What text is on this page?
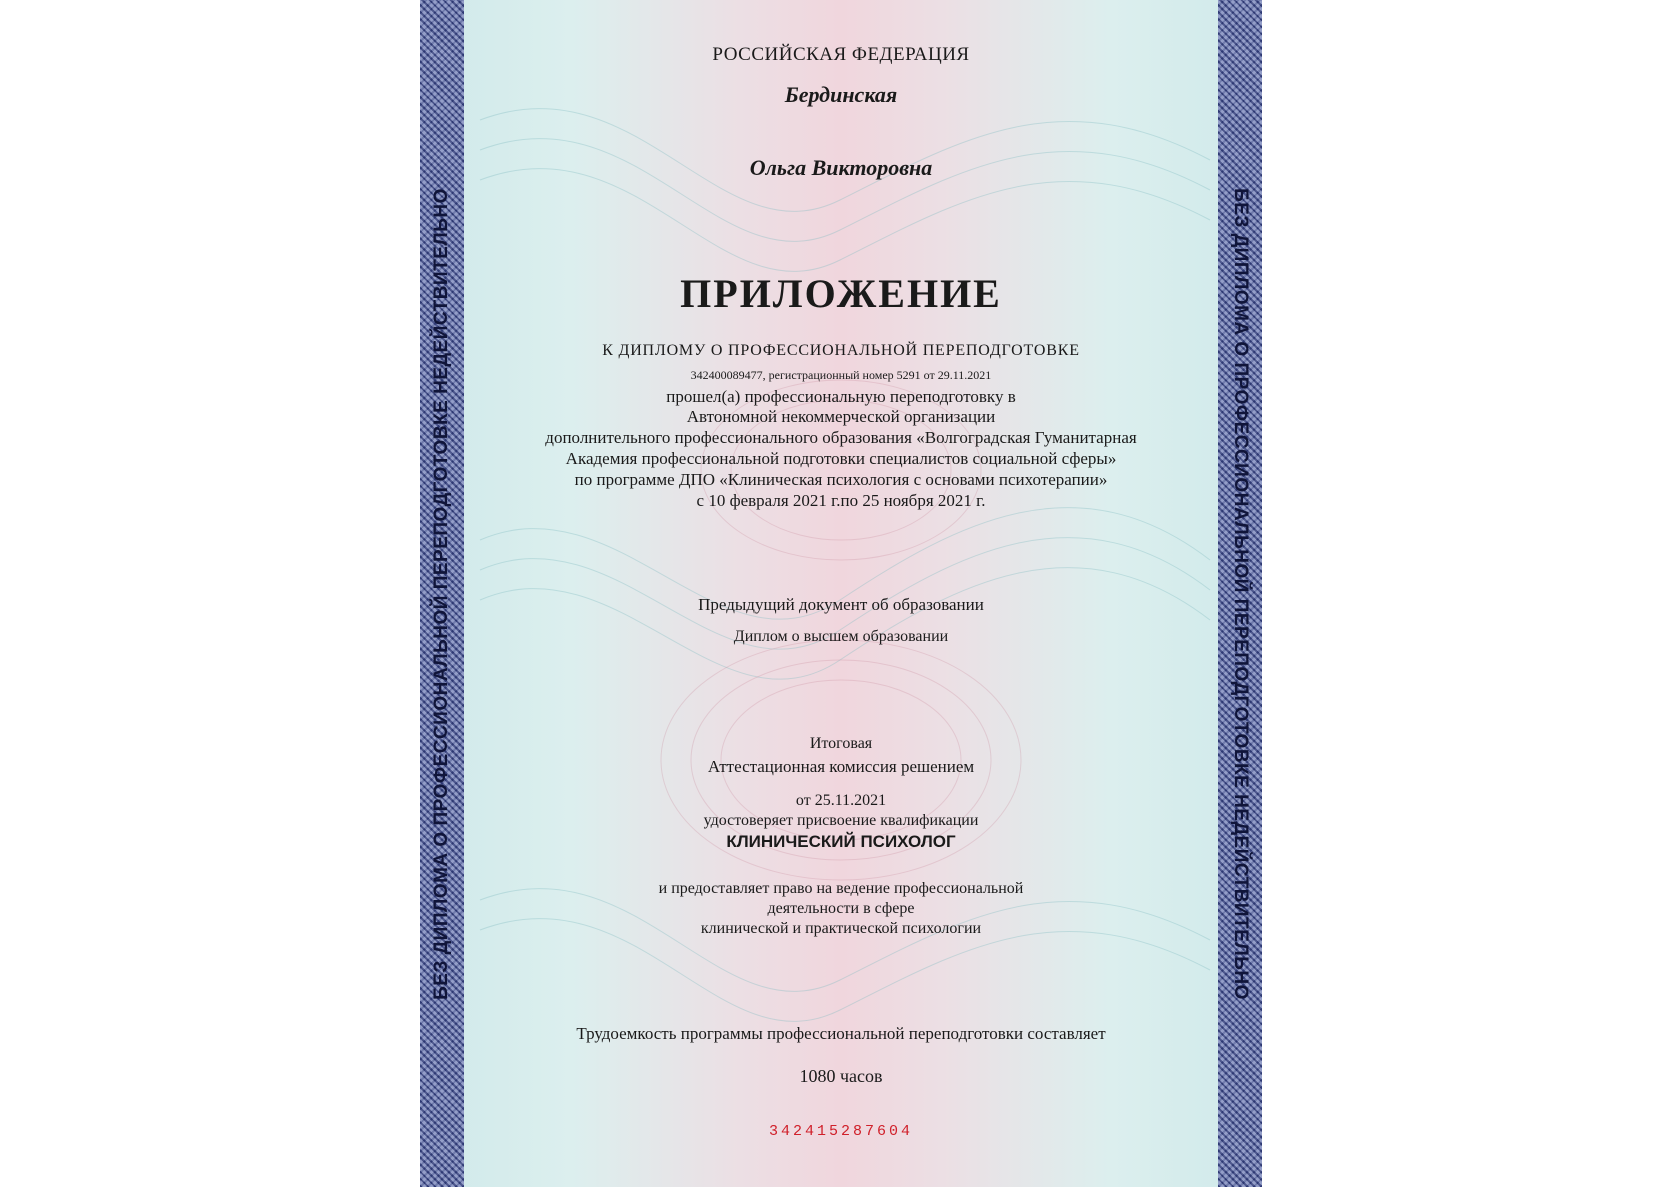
БЕЗ ДИПЛОМА О ПРОФЕССИОНАЛЬНОЙ ПЕРЕПОДГОТОВКЕ НЕДЕЙСТВИТЕЛЬНО	БЕЗ ДИПЛОМА О ПРОФЕССИОНАЛЬНОЙ ПЕРЕПОДГОТОВКЕ НЕДЕЙСТВИТЕЛЬНО
РОССИЙСКАЯ ФЕДЕРАЦИЯ
Бердинская
Ольга Викторовна
ПРИЛОЖЕНИЕ
К ДИПЛОМУ О ПРОФЕССИОНАЛЬНОЙ ПЕРЕПОДГОТОВКЕ
342400089477, регистрационный номер 5291 от 29.11.2021
прошел(а) профессиональную переподготовку в
Автономной некоммерческой организации
дополнительного профессионального образования «Волгоградская Гуманитарная
Академия профессиональной подготовки специалистов социальной сферы»
по программе ДПО «Клиническая психология с основами психотерапии»
с 10 февраля 2021 г.по 25 ноября 2021 г.
Предыдущий документ об образовании
Диплом о высшем образовании
Итоговая
Аттестационная комиссия решением
от 25.11.2021
удостоверяет присвоение квалификации
КЛИНИЧЕСКИЙ ПСИХОЛОГ
и предоставляет право на ведение профессиональной
деятельности в сфере
клинической и практической психологии
Трудоемкость программы профессиональной переподготовки составляет
1080 часов
342415287604
